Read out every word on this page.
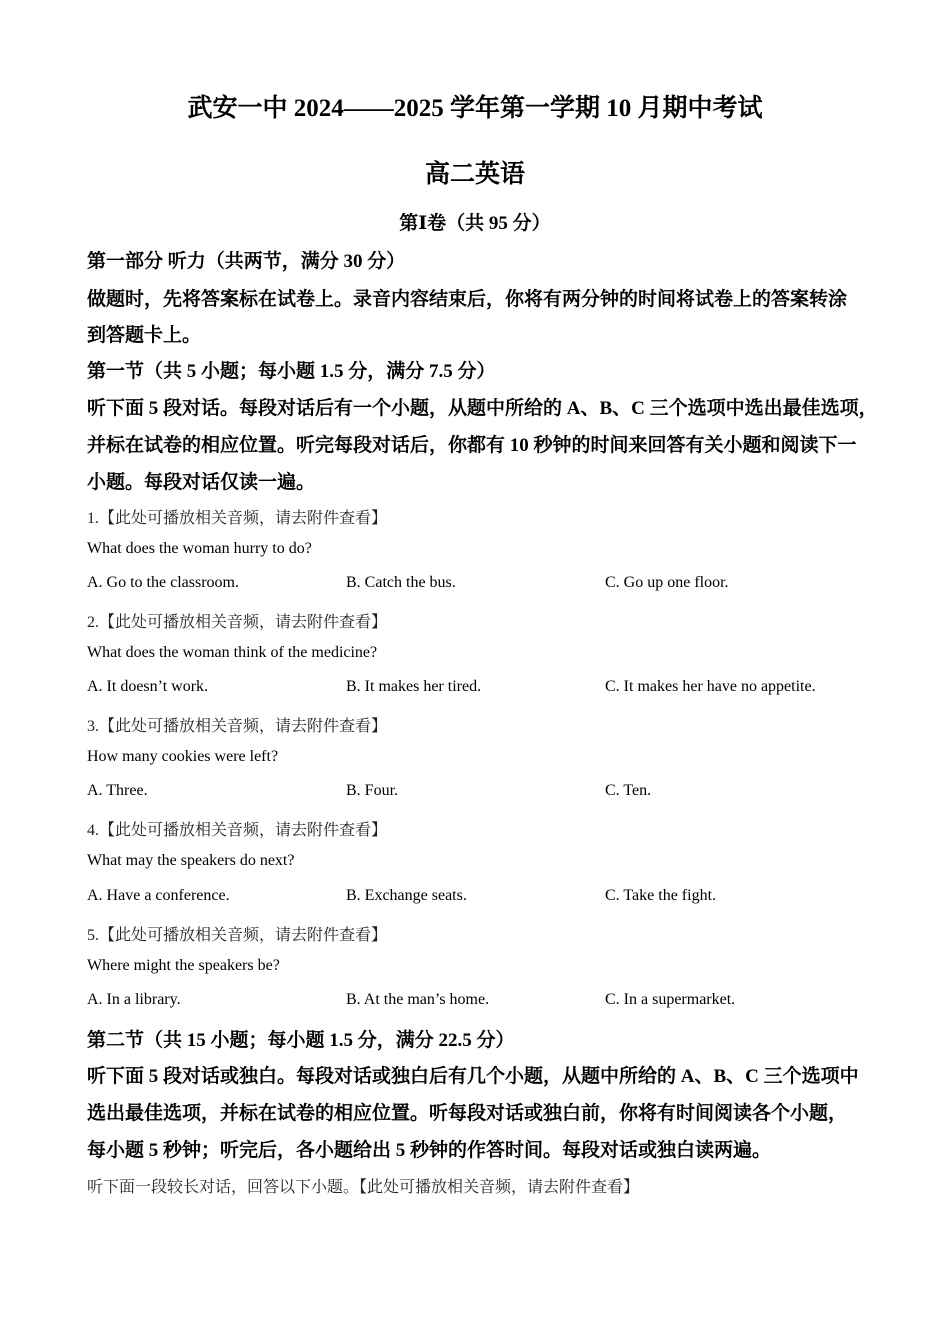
武安一中 2024——2025 学年第一学期 10 月期中考试
高二英语
第Ⅰ卷（共 95 分）
第一部分 听力（共两节，满分 30 分）
做题时，先将答案标在试卷上。录音内容结束后，你将有两分钟的时间将试卷上的答案转涂
到答题卡上。
第一节（共 5 小题；每小题 1.5 分，满分 7.5 分）
听下面 5 段对话。每段对话后有一个小题，从题中所给的 A、B、C 三个选项中选出最佳选项，
并标在试卷的相应位置。听完每段对话后，你都有 10 秒钟的时间来回答有关小题和阅读下一
小题。每段对话仅读一遍。
1.【此处可播放相关音频，请去附件查看】
What does the woman hurry to do?
A. Go to the classroom.	B. Catch the bus.	C. Go up one floor.
2.【此处可播放相关音频，请去附件查看】
What does the woman think of the medicine?
A. It doesn’t work.	B. It makes her tired.	C. It makes her have no appetite.
3.【此处可播放相关音频，请去附件查看】
How many cookies were left?
A. Three.	B. Four.	C. Ten.
4.【此处可播放相关音频，请去附件查看】
What may the speakers do next?
A. Have a conference.	B. Exchange seats.	C. Take the fight.
5.【此处可播放相关音频，请去附件查看】
Where might the speakers be?
A. In a library.	B. At the man’s home.	C. In a supermarket.
第二节（共 15 小题；每小题 1.5 分，满分 22.5 分）
听下面 5 段对话或独白。每段对话或独白后有几个小题，从题中所给的 A、B、C 三个选项中
选出最佳选项，并标在试卷的相应位置。听每段对话或独白前，你将有时间阅读各个小题，
每小题 5 秒钟；听完后，各小题给出 5 秒钟的作答时间。每段对话或独白读两遍。
听下面一段较长对话，回答以下小题。【此处可播放相关音频，请去附件查看】
